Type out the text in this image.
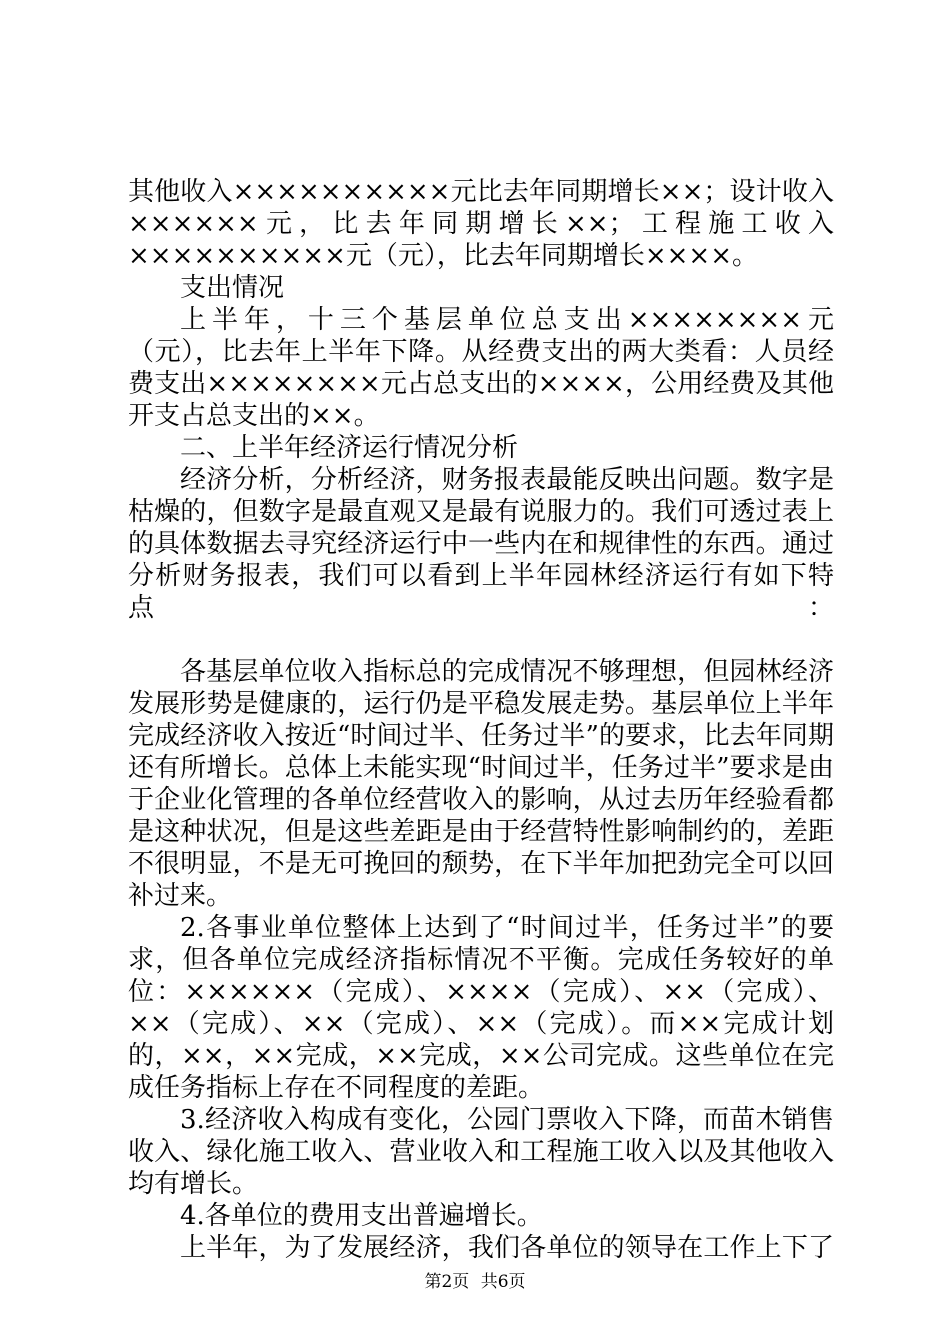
其他收入××××××××××元比去年同期增长××；设计收入××××××元，比去年同期增长××；工程施工收入××××××××××元（元），比去年同期增长××××。

支出情况

上半年，十三个基层单位总支出××××××××元（元），比去年上半年下降。从经费支出的两大类看：人员经费支出××××××××元占总支出的××××，公用经费及其他开支占总支出的××。

二、上半年经济运行情况分析

经济分析，分析经济，财务报表最能反映出问题。数字是枯燥的，但数字是最直观又是最有说服力的。我们可透过表上的具体数据去寻究经济运行中一些内在和规律性的东西。通过分析财务报表，我们可以看到上半年园林经济运行有如下特点：

各基层单位收入指标总的完成情况不够理想，但园林经济发展形势是健康的，运行仍是平稳发展走势。基层单位上半年完成经济收入按近“时间过半、任务过半”的要求，比去年同期还有所增长。总体上未能实现“时间过半，任务过半”要求是由于企业化管理的各单位经营收入的影响，从过去历年经验看都是这种状况，但是这些差距是由于经营特性影响制约的，差距不很明显，不是无可挽回的颓势，在下半年加把劲完全可以回补过来。

2.各事业单位整体上达到了“时间过半，任务过半”的要求，但各单位完成经济指标情况不平衡。完成任务较好的单位：××××××（完成）、××××（完成）、××（完成）、××（完成）、××（完成）、××（完成）。而××完成计划的，××，××完成，××完成，××公司完成。这些单位在完成任务指标上存在不同程度的差距。

3.经济收入构成有变化，公园门票收入下降，而苗木销售收入、绿化施工收入、营业收入和工程施工收入以及其他收入均有增长。

4.各单位的费用支出普遍增长。

上半年，为了发展经济，我们各单位的领导在工作上下了

第2页 共6页
